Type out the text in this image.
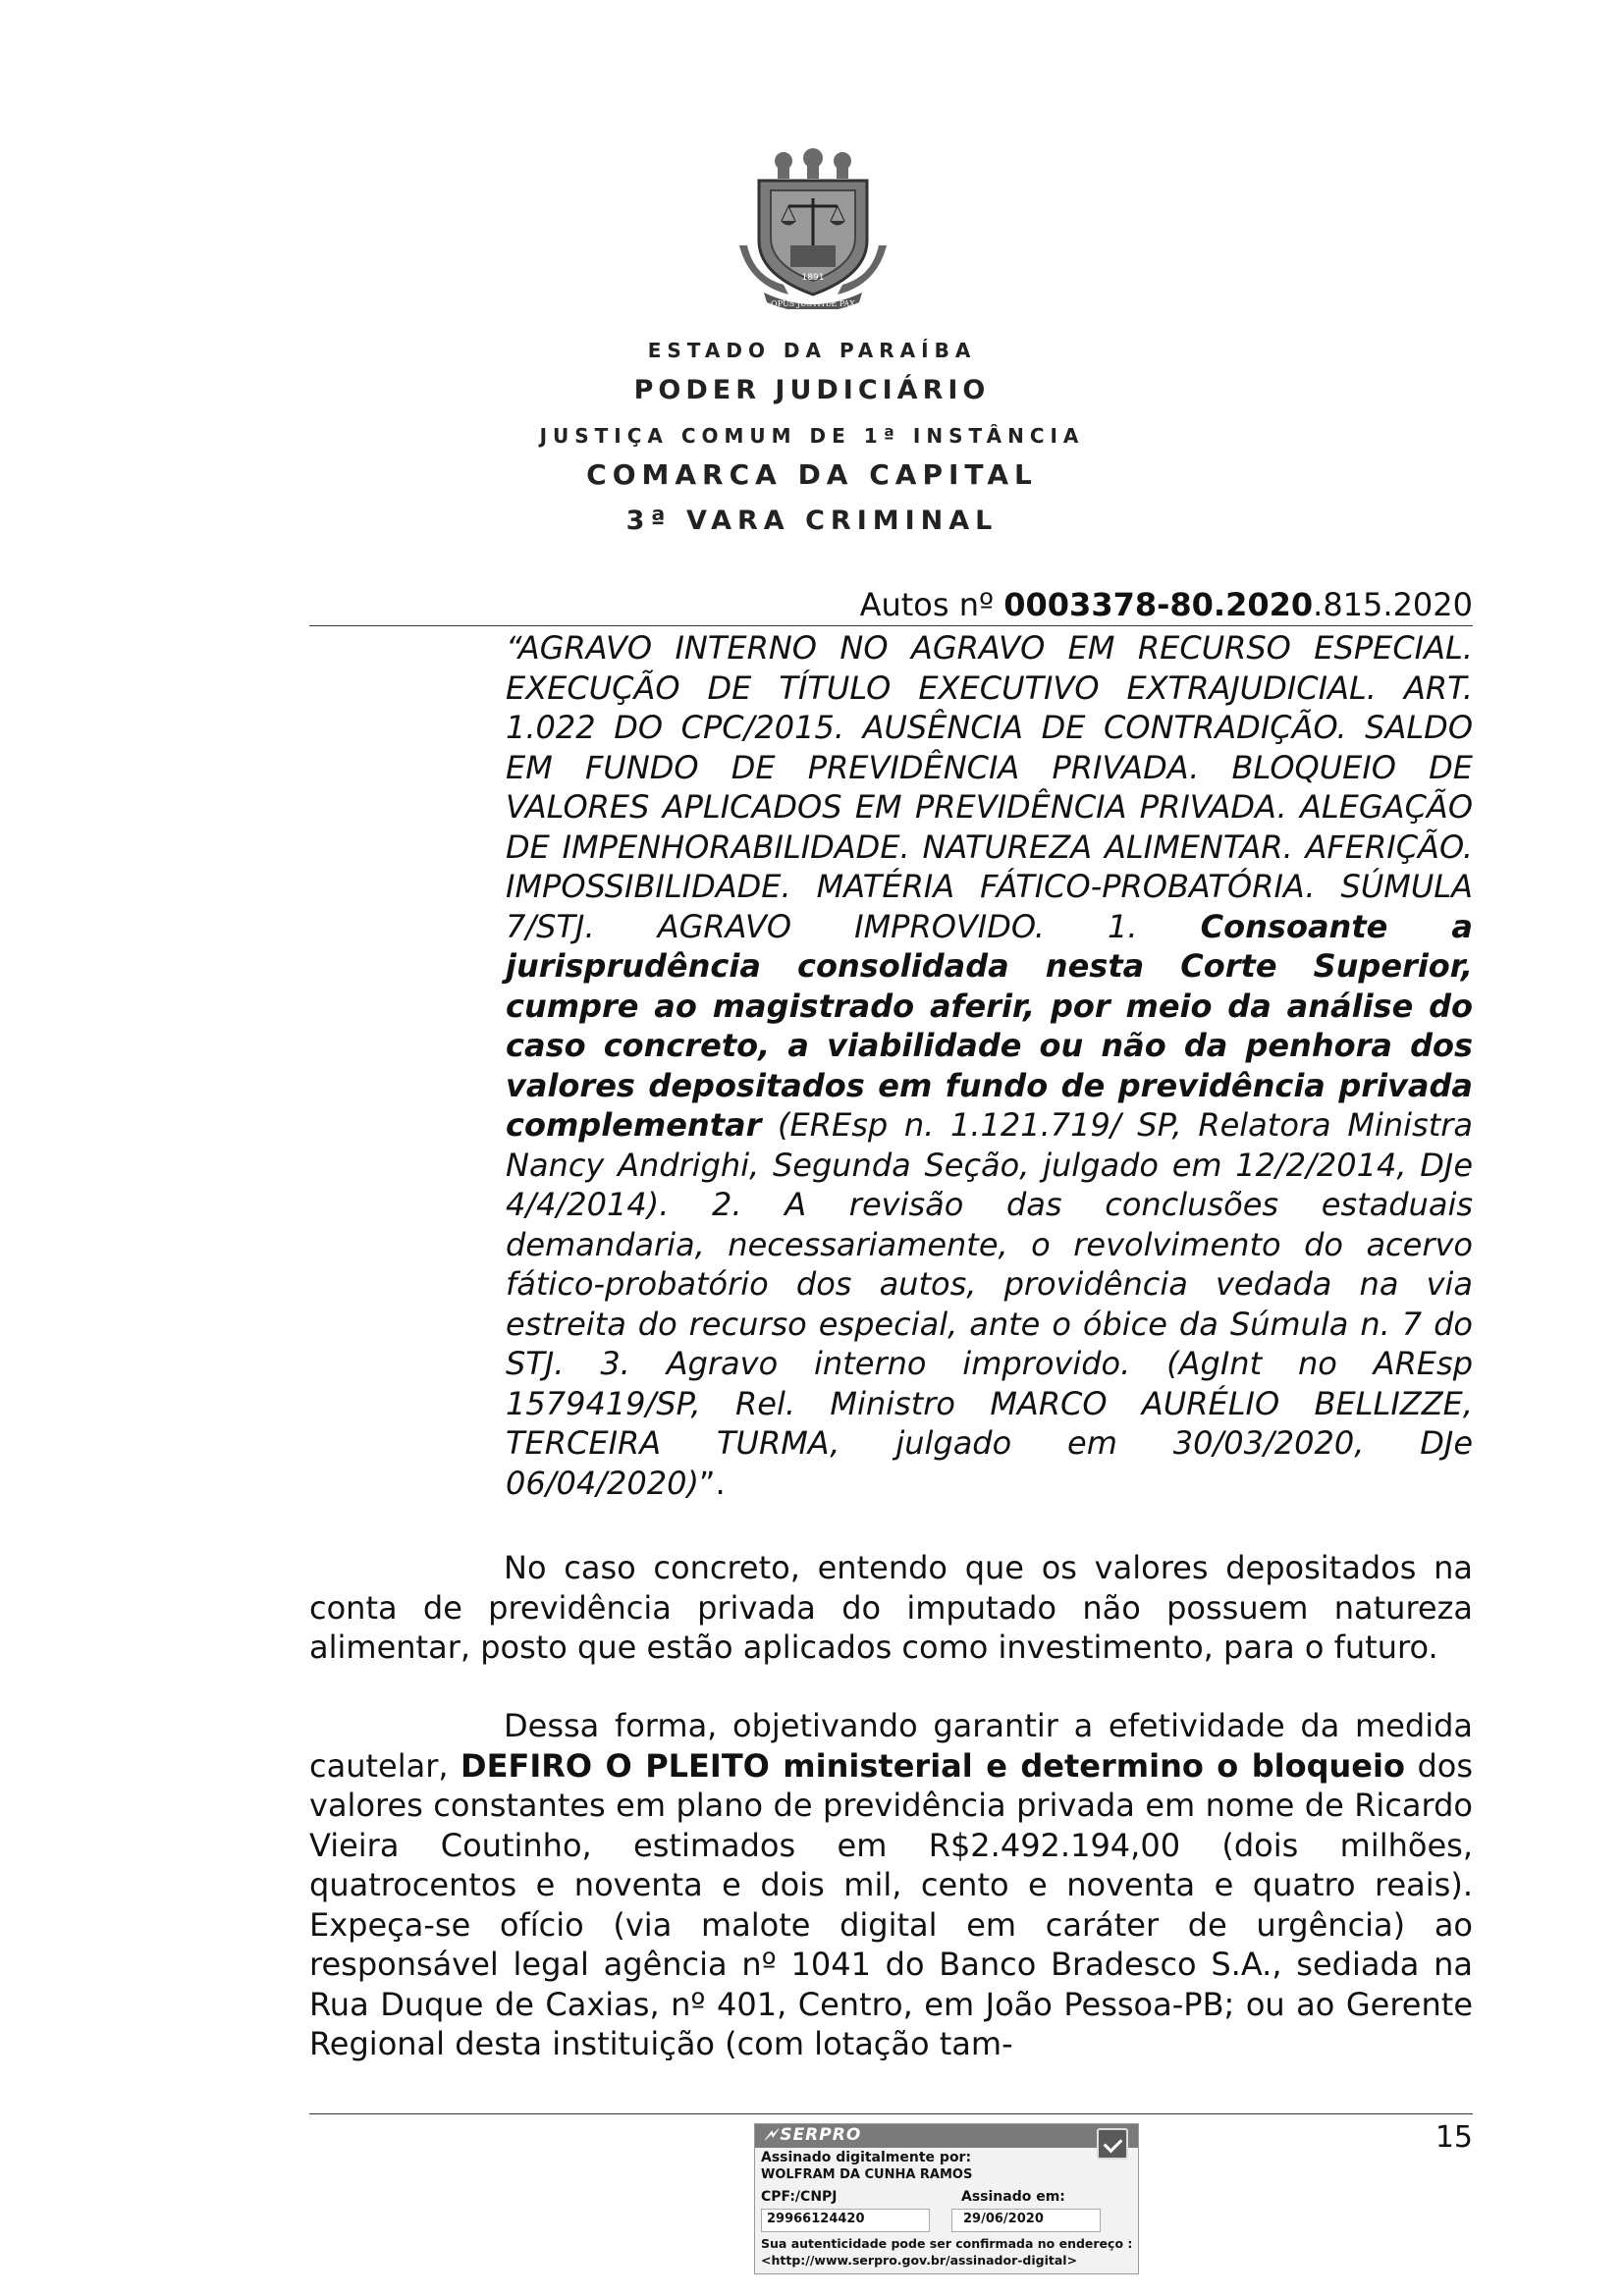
1891
OPUS JUSTITIÆ PAX
ESTADO DA PARAÍBA
PODER JUDICIÁRIO
JUSTIÇA COMUM DE 1ª INSTÂNCIA
COMARCA DA CAPITAL
3ª VARA CRIMINAL
Autos nº 0003378-80.2020.815.2020
“AGRAVO INTERNO NO AGRAVO EM RECURSO ESPECIAL. EXECUÇÃO DE TÍTULO EXECUTIVO EXTRAJUDICIAL. ART. 1.022 DO CPC/2015. AUSÊNCIA DE CONTRADIÇÃO. SALDO EM FUNDO DE PREVIDÊNCIA PRIVADA. BLOQUEIO DE VALORES APLICADOS EM PREVIDÊNCIA PRIVADA. ALEGAÇÃO DE IMPENHORABILIDADE. NATUREZA ALIMENTAR. AFERIÇÃO. IMPOSSIBILIDADE. MATÉRIA FÁTICO-PROBATÓRIA. SÚMULA 7/STJ. AGRAVO IMPROVIDO. 1. Consoante a jurisprudência consolidada nesta Corte Superior, cumpre ao magistrado aferir, por meio da análise do caso concreto, a viabilidade ou não da penhora dos valores depositados em fundo de previdência privada complementar (EREsp n. 1.121.719/ SP, Relatora Ministra Nancy Andrighi, Segunda Seção, julgado em 12/2/2014, DJe 4/4/2014). 2. A revisão das conclusões estaduais demandaria, necessariamente, o revolvimento do acervo fático-probatório dos autos, providência vedada na via estreita do recurso especial, ante o óbice da Súmula n. 7 do STJ. 3. Agravo interno improvido. (AgInt no AREsp 1579419/SP, Rel. Ministro MARCO AURÉLIO BELLIZZE, TERCEIRA TURMA, julgado em 30/03/2020, DJe 06/04/2020)”.
No caso concreto, entendo que os valores depositados na conta de previdência privada do imputado não possuem natureza alimentar, posto que estão aplicados como investimento, para o futuro.
Dessa forma, objetivando garantir a efetividade da medida cautelar, DEFIRO O PLEITO ministerial e determino o bloqueio dos valores constantes em plano de previdência privada em nome de Ricardo Vieira Coutinho, estimados em R$2.492.194,00 (dois milhões, quatrocentos e noventa e dois mil, cento e noventa e quatro reais). Expeça-se ofício (via malote digital em caráter de urgência) ao responsável legal agência nº 1041 do Banco Bradesco S.A., sediada na Rua Duque de Caxias, nº 401, Centro, em João Pessoa-PB; ou ao Gerente Regional desta instituição (com lotação tam-
15
🗲 SERPRO
Assinado digitalmente por:
WOLFRAM DA CUNHA RAMOS
CPF:/CNPJ	Assinado em:
29966124420	29/06/2020
Sua autenticidade pode ser confirmada no endereço :
<http://www.serpro.gov.br/assinador-digital>
